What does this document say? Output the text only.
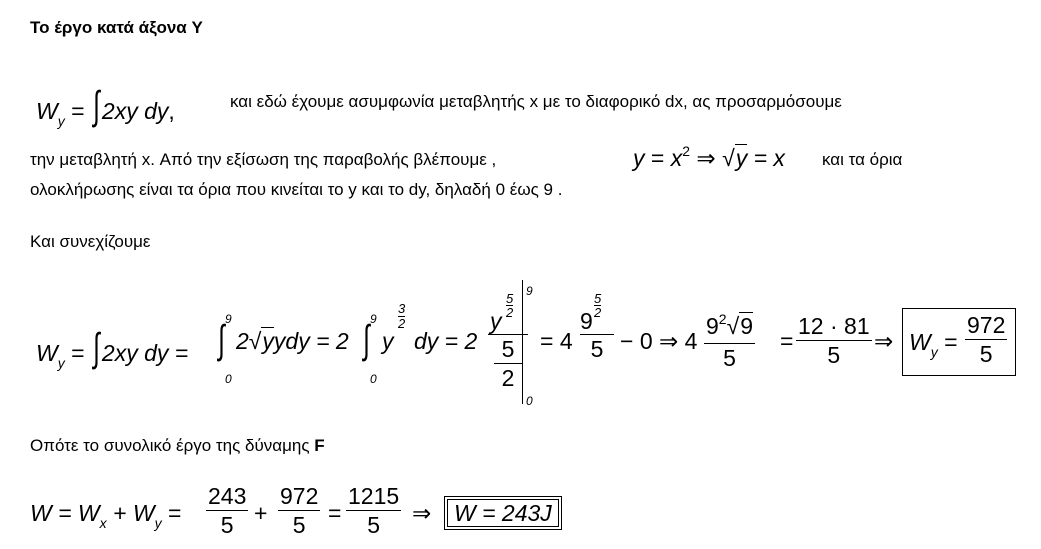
Το έργο κατά άξονα Y
$W_y = \int 2xy$ dy,	και εδώ έχουμε ασυμφωνία μεταβλητής x με το διαφορικό dx, ας προσαρμόσουμε
την μεταβλητή x. Από την εξίσωση της παραβολής βλέπουμε ,	$y = x^2$ ⇒ √y = x και τα όρια
ολοκλήρωσης είναι τα όρια που κινείται το y και το dy, δηλαδή 0 έως 9 .
Και συνεχίζουμε
$W_y = \int 2xy$ dy =
9
∫
0
2√yydy = 2
9
∫
0
y
3
2
dy = 2
y
5
2
5
2
9
0
= 4
9
5
2
5 − 0 ⇒ 4
$9^2√9$
5
=
12 · 81
5
⇒ $W_y$ =
972
5
Οπότε το συνολικό έργο της δύναμης F
$W = W_x + W_y$ =
243
5 +
972
5 =
1215
5	⇒ W = 243J
